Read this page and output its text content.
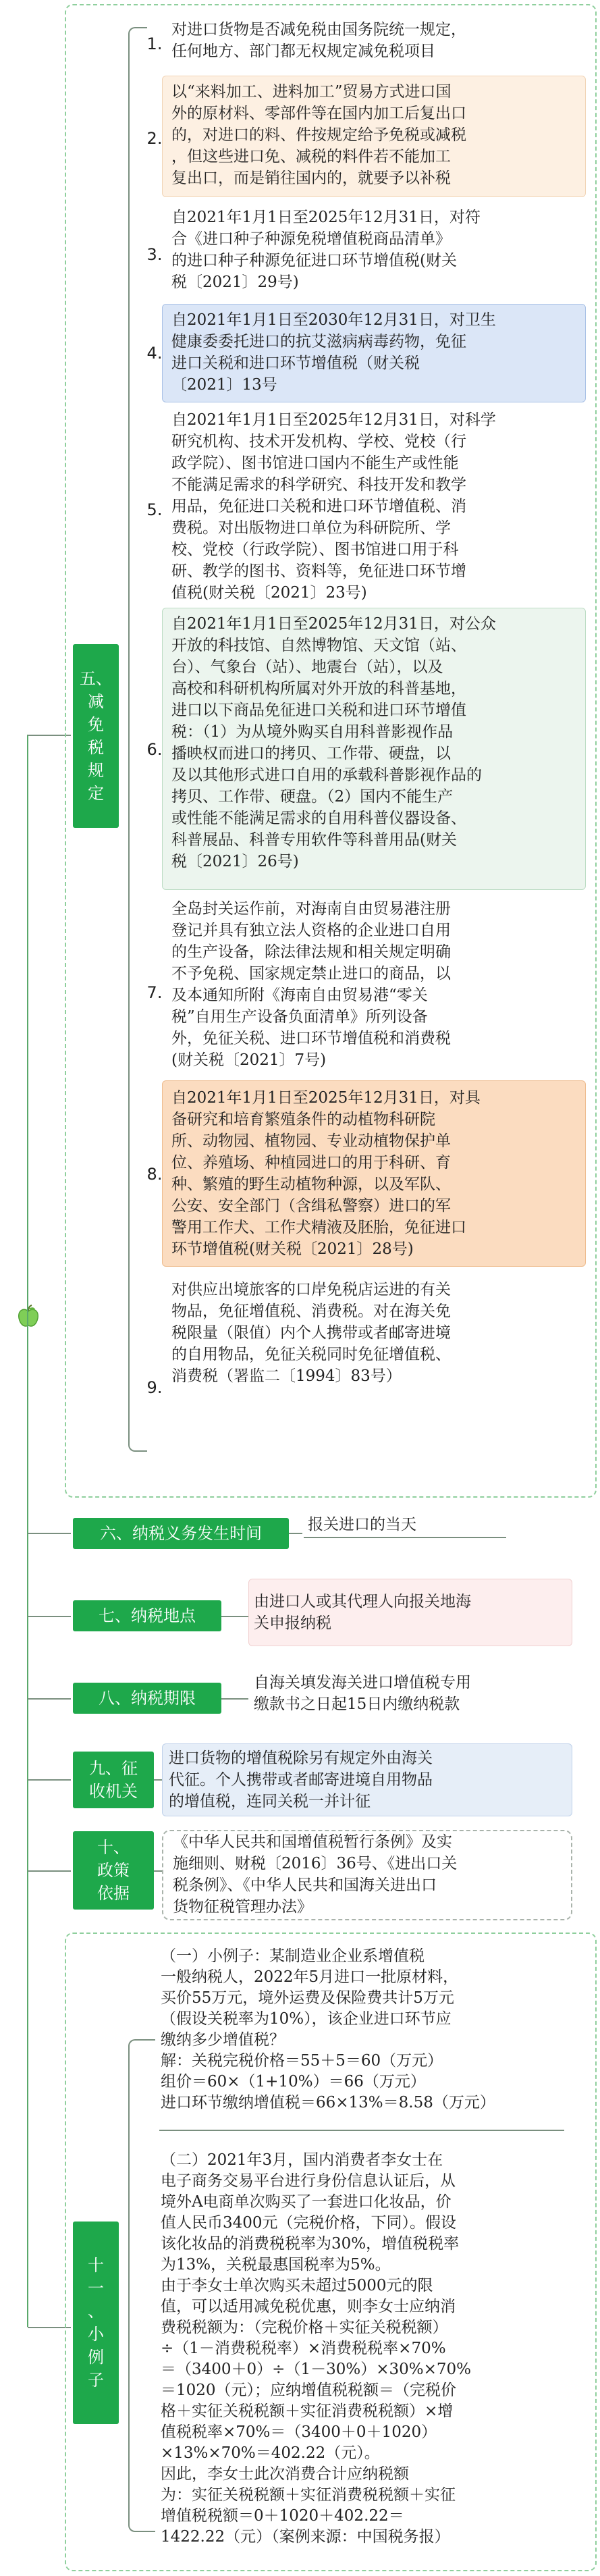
五、
减
免
税
规
定
1.
对进口货物是否减免税由国务院统一规定，
任何地方、部门都无权规定减免税项目
2.
以“来料加工、进料加工”贸易方式进口国
外的原材料、零部件等在国内加工后复出口
的，对进口的料、件按规定给予免税或减税
，但这些进口免、减税的料件若不能加工
复出口，而是销往国内的，就要予以补税
3.
自2021年1月1日至2025年12月31日，对符
合《进口种子种源免税增值税商品清单》
的进口种子种源免征进口环节增值税(财关
税〔2021〕29号)
4.
自2021年1月1日至2030年12月31日，对卫生
健康委委托进口的抗艾滋病病毒药物，免征
进口关税和进口环节增值税（财关税
〔2021〕13号
5.
自2021年1月1日至2025年12月31日，对科学
研究机构、技术开发机构、学校、党校（行
政学院）、图书馆进口国内不能生产或性能
不能满足需求的科学研究、科技开发和教学
用品，免征进口关税和进口环节增值税、消
费税。对出版物进口单位为科研院所、学
校、党校（行政学院）、图书馆进口用于科
研、教学的图书、资料等，免征进口环节增
值税(财关税〔2021〕23号)
6.
自2021年1月1日至2025年12月31日，对公众
开放的科技馆、自然博物馆、天文馆（站、
台）、气象台（站）、地震台（站），以及
高校和科研机构所属对外开放的科普基地，
进口以下商品免征进口关税和进口环节增值
税：（1）为从境外购买自用科普影视作品
播映权而进口的拷贝、工作带、硬盘，以
及以其他形式进口自用的承载科普影视作品的
拷贝、工作带、硬盘。（2）国内不能生产
或性能不能满足需求的自用科普仪器设备、
科普展品、科普专用软件等科普用品(财关
税〔2021〕26号)
7.
全岛封关运作前，对海南自由贸易港注册
登记并具有独立法人资格的企业进口自用
的生产设备，除法律法规和相关规定明确
不予免税、国家规定禁止进口的商品，以
及本通知所附《海南自由贸易港“零关
税”自用生产设备负面清单》所列设备
外，免征关税、进口环节增值税和消费税
(财关税〔2021〕7号)
8.
自2021年1月1日至2025年12月31日，对具
备研究和培育繁殖条件的动植物科研院
所、动物园、植物园、专业动植物保护单
位、养殖场、种植园进口的用于科研、育
种、繁殖的野生动植物种源，以及军队、
公安、安全部门（含缉私警察）进口的军
警用工作犬、工作犬精液及胚胎，免征进口
环节增值税(财关税〔2021〕28号)
9.
对供应出境旅客的口岸免税店运进的有关
物品，免征增值税、消费税。对在海关免
税限量（限值）内个人携带或者邮寄进境
的自用物品，免征关税同时免征增值税、
消费税（署监二〔1994〕83号）
六、纳税义务发生时间	报关进口的当天
七、纳税地点
由进口人或其代理人向报关地海
关申报纳税
八、纳税期限
自海关填发海关进口增值税专用
缴款书之日起15日内缴纳税款
九、征
收机关
进口货物的增值税除另有规定外由海关
代征。个人携带或者邮寄进境自用物品
的增值税，连同关税一并计征
十、
政策
依据
《中华人民共和国增值税暂行条例》及实
施细则、财税〔2016〕36号、《进出口关
税条例》、《中华人民共和国海关进出口
货物征税管理办法》
十
一
、
小
例
子
（一）小例子：某制造业企业系增值税
一般纳税人，2022年5月进口一批原材料，
买价55万元，境外运费及保险费共计5万元
（假设关税率为10%），该企业进口环节应
缴纳多少增值税？
解：关税完税价格＝55＋5＝60（万元）
组价＝60×（1+10%）＝66（万元）
进口环节缴纳增值税＝66×13%＝8.58（万元）
（二）2021年3月，国内消费者李女士在
电子商务交易平台进行身份信息认证后，从
境外A电商单次购买了一套进口化妆品，价
值人民币3400元（完税价格，下同）。假设
该化妆品的消费税税率为30%，增值税税率
为13%，关税最惠国税率为5%。
由于李女士单次购买未超过5000元的限
值，可以适用减免税优惠，则李女士应纳消
费税税额为：（完税价格＋实征关税税额）
÷（1－消费税税率）×消费税税率×70%
＝（3400＋0）÷（1－30%）×30%×70%
＝1020（元）；应纳增值税税额＝（完税价
格＋实征关税税额＋实征消费税税额）×增
值税税率×70%＝（3400＋0＋1020）
×13%×70%＝402.22（元）。
因此，李女士此次消费合计应纳税额
为：实征关税税额＋实征消费税税额＋实征
增值税税额＝0＋1020＋402.22＝
1422.22（元）（案例来源：中国税务报）
